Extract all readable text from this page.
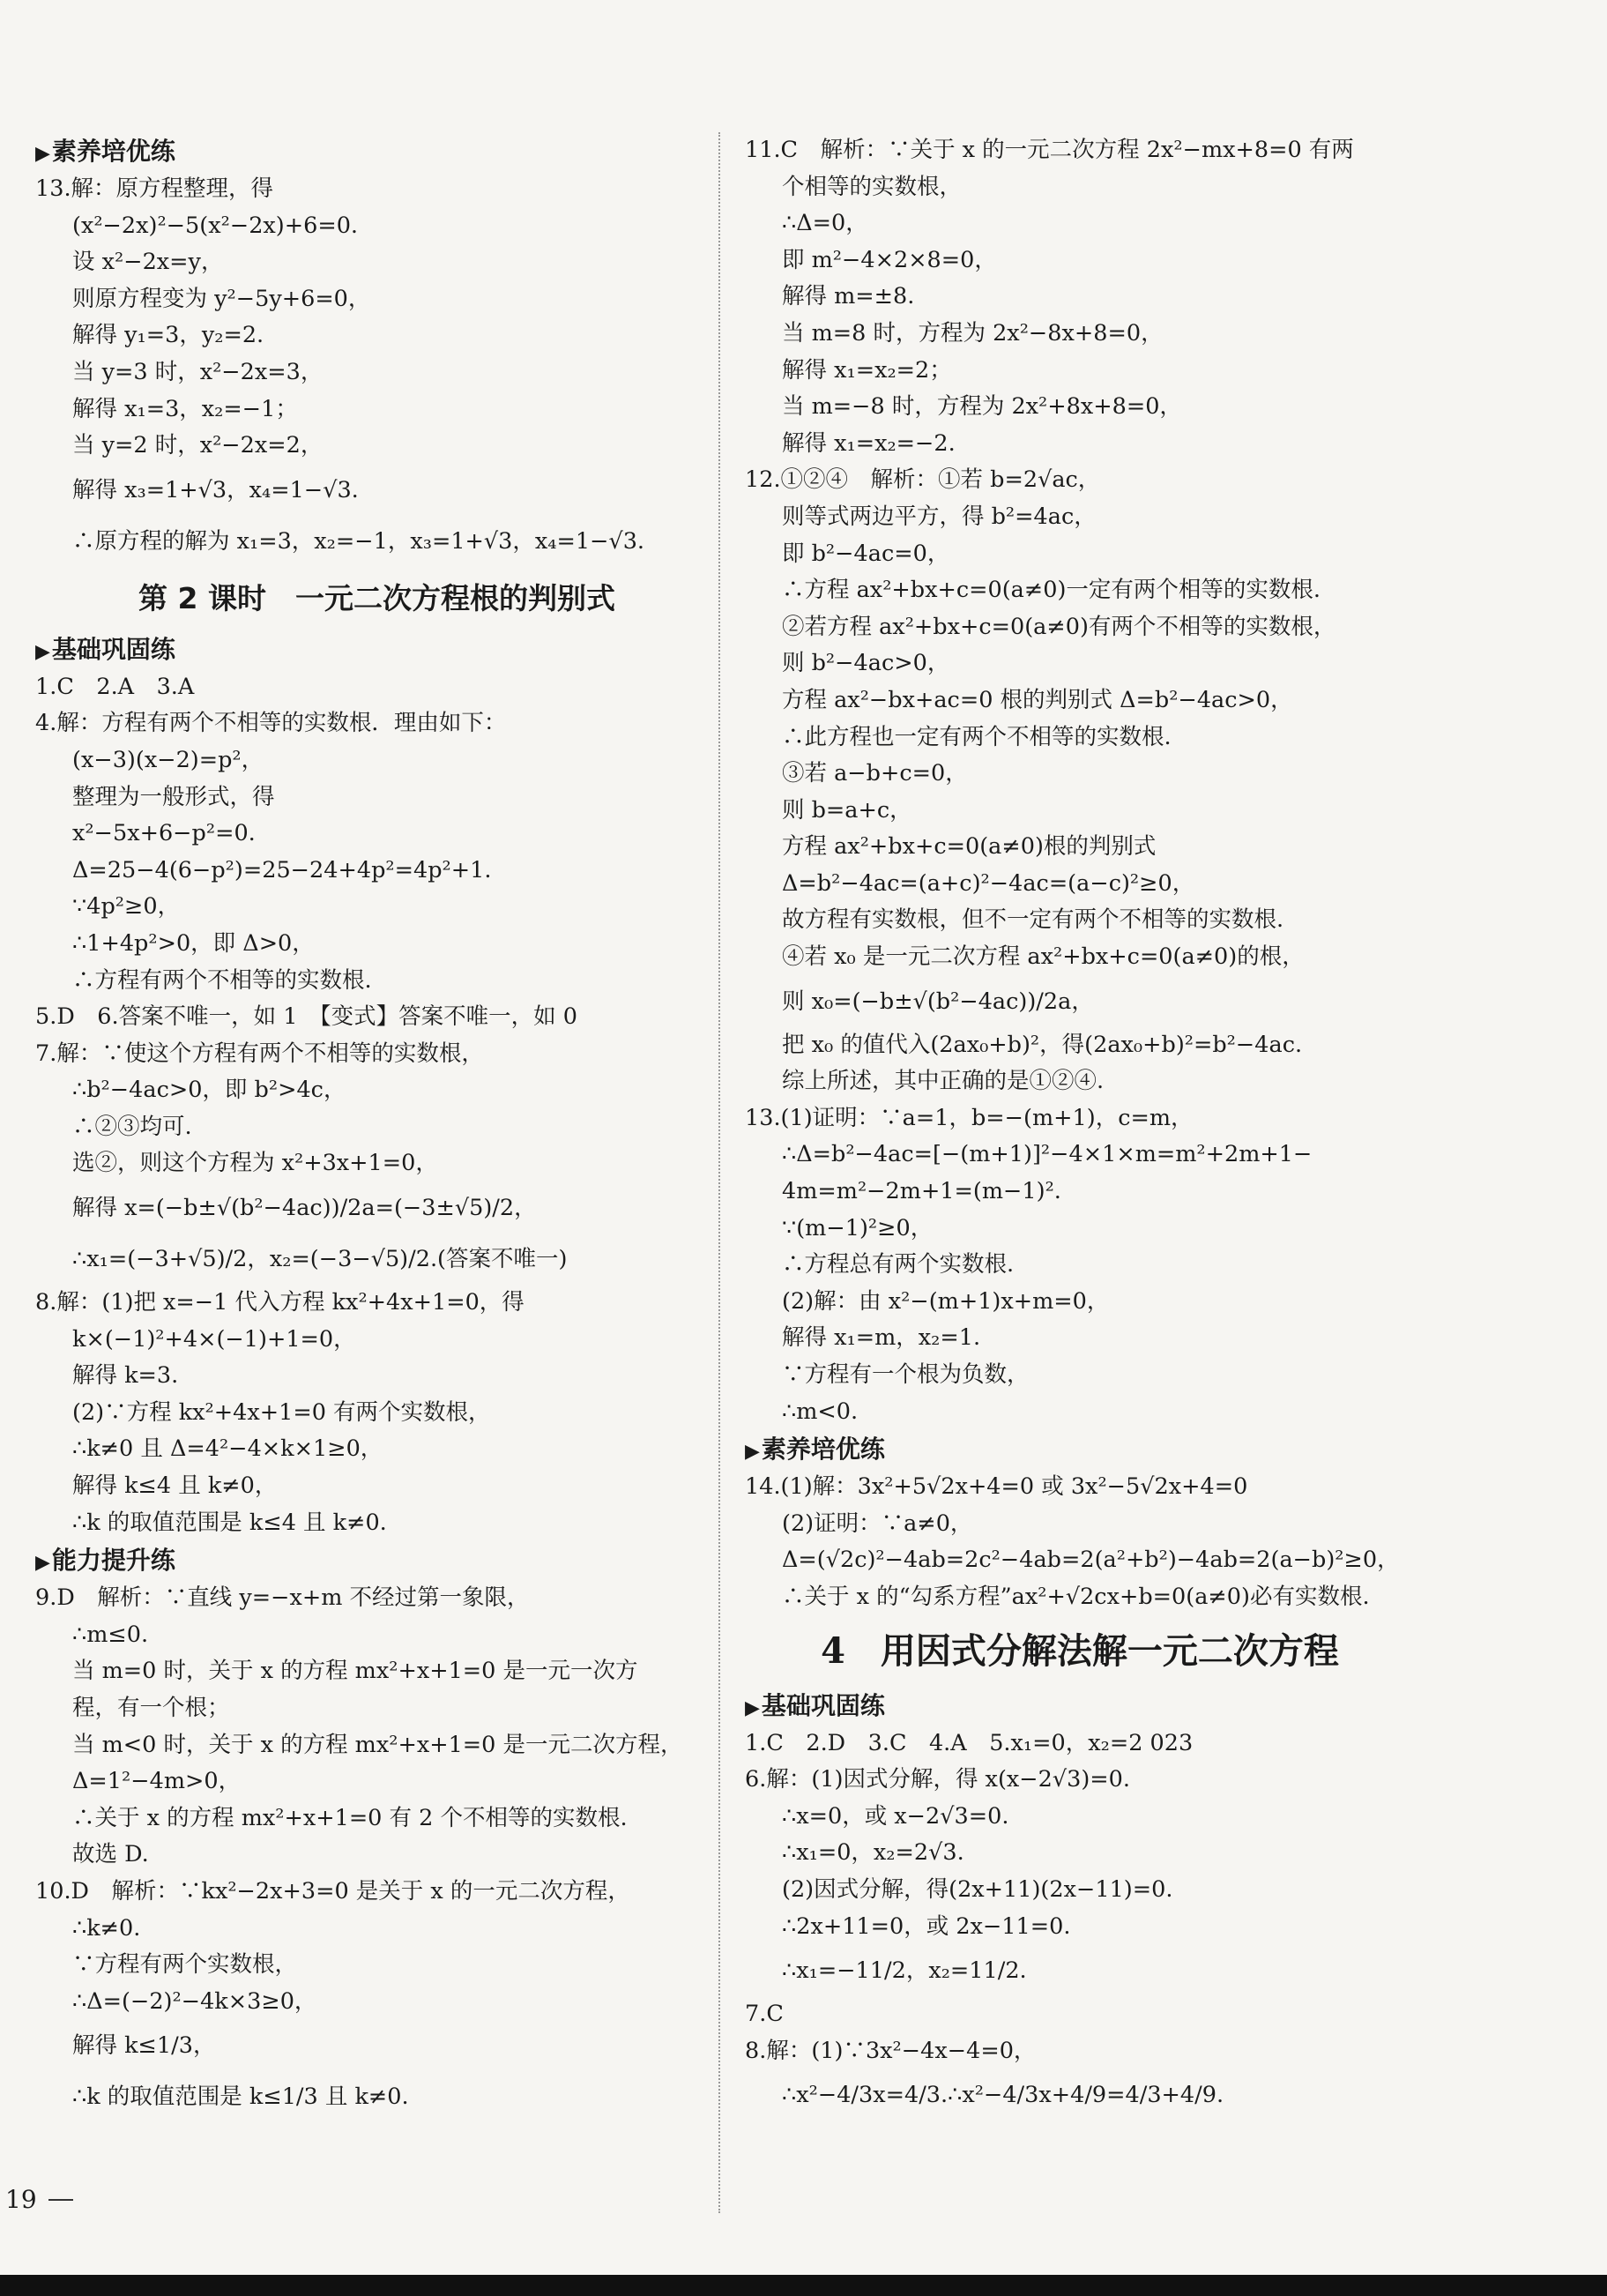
▶素养培优练
13.解：原方程整理，得
(x²−2x)²−5(x²−2x)+6=0.
设 x²−2x=y，
则原方程变为 y²−5y+6=0，
解得 y₁=3，y₂=2.
当 y=3 时，x²−2x=3，
解得 x₁=3，x₂=−1；
当 y=2 时，x²−2x=2，
解得 x₃=1+√3，x₄=1−√3.
∴原方程的解为 x₁=3，x₂=−1，x₃=1+√3，x₄=1−√3.
第 2 课时　一元二次方程根的判别式
▶基础巩固练
1.C　2.A　3.A
4.解：方程有两个不相等的实数根．理由如下：
(x−3)(x−2)=p²，
整理为一般形式，得
x²−5x+6−p²=0.
Δ=25−4(6−p²)=25−24+4p²=4p²+1.
∵4p²≥0，
∴1+4p²>0，即 Δ>0，
∴方程有两个不相等的实数根.
5.D　6.答案不唯一，如 1　【变式】答案不唯一，如 0
7.解：∵使这个方程有两个不相等的实数根，
∴b²−4ac>0，即 b²>4c，
∴②③均可.
选②，则这个方程为 x²+3x+1=0，
解得 x=(−b±√(b²−4ac))/2a=(−3±√5)/2，
∴x₁=(−3+√5)/2，x₂=(−3−√5)/2.(答案不唯一)
8.解：(1)把 x=−1 代入方程 kx²+4x+1=0，得
k×(−1)²+4×(−1)+1=0，
解得 k=3.
(2)∵方程 kx²+4x+1=0 有两个实数根，
∴k≠0 且 Δ=4²−4×k×1≥0，
解得 k≤4 且 k≠0，
∴k 的取值范围是 k≤4 且 k≠0.
▶能力提升练
9.D　解析：∵直线 y=−x+m 不经过第一象限，
∴m≤0.
当 m=0 时，关于 x 的方程 mx²+x+1=0 是一元一次方
程，有一个根；
当 m<0 时，关于 x 的方程 mx²+x+1=0 是一元二次方程，
Δ=1²−4m>0，
∴关于 x 的方程 mx²+x+1=0 有 2 个不相等的实数根.
故选 D.
10.D　解析：∵kx²−2x+3=0 是关于 x 的一元二次方程，
∴k≠0.
∵方程有两个实数根，
∴Δ=(−2)²−4k×3≥0，
解得 k≤1/3，
∴k 的取值范围是 k≤1/3 且 k≠0.
11.C　解析：∵关于 x 的一元二次方程 2x²−mx+8=0 有两
个相等的实数根，
∴Δ=0，
即 m²−4×2×8=0，
解得 m=±8.
当 m=8 时，方程为 2x²−8x+8=0，
解得 x₁=x₂=2；
当 m=−8 时，方程为 2x²+8x+8=0，
解得 x₁=x₂=−2.
12.①②④　解析：①若 b=2√ac，
则等式两边平方，得 b²=4ac，
即 b²−4ac=0，
∴方程 ax²+bx+c=0(a≠0)一定有两个相等的实数根.
②若方程 ax²+bx+c=0(a≠0)有两个不相等的实数根，
则 b²−4ac>0，
方程 ax²−bx+ac=0 根的判别式 Δ=b²−4ac>0，
∴此方程也一定有两个不相等的实数根.
③若 a−b+c=0，
则 b=a+c，
方程 ax²+bx+c=0(a≠0)根的判别式
Δ=b²−4ac=(a+c)²−4ac=(a−c)²≥0，
故方程有实数根，但不一定有两个不相等的实数根.
④若 x₀ 是一元二次方程 ax²+bx+c=0(a≠0)的根，
则 x₀=(−b±√(b²−4ac))/2a，
把 x₀ 的值代入(2ax₀+b)²，得(2ax₀+b)²=b²−4ac.
综上所述，其中正确的是①②④.
13.(1)证明：∵a=1，b=−(m+1)，c=m，
∴Δ=b²−4ac=[−(m+1)]²−4×1×m=m²+2m+1−
4m=m²−2m+1=(m−1)².
∵(m−1)²≥0，
∴方程总有两个实数根.
(2)解：由 x²−(m+1)x+m=0，
解得 x₁=m，x₂=1.
∵方程有一个根为负数，
∴m<0.
▶素养培优练
14.(1)解：3x²+5√2x+4=0 或 3x²−5√2x+4=0
(2)证明：∵a≠0，
Δ=(√2c)²−4ab=2c²−4ab=2(a²+b²)−4ab=2(a−b)²≥0，
∴关于 x 的“勾系方程”ax²+√2cx+b=0(a≠0)必有实数根.
4　用因式分解法解一元二次方程
▶基础巩固练
1.C　2.D　3.C　4.A　5.x₁=0，x₂=2 023
6.解：(1)因式分解，得 x(x−2√3)=0.
∴x=0，或 x−2√3=0.
∴x₁=0，x₂=2√3.
(2)因式分解，得(2x+11)(2x−11)=0.
∴2x+11=0，或 2x−11=0.
∴x₁=−11/2，x₂=11/2.
7.C
8.解：(1)∵3x²−4x−4=0，
∴x²−4/3x=4/3.∴x²−4/3x+4/9=4/3+4/9.
19
